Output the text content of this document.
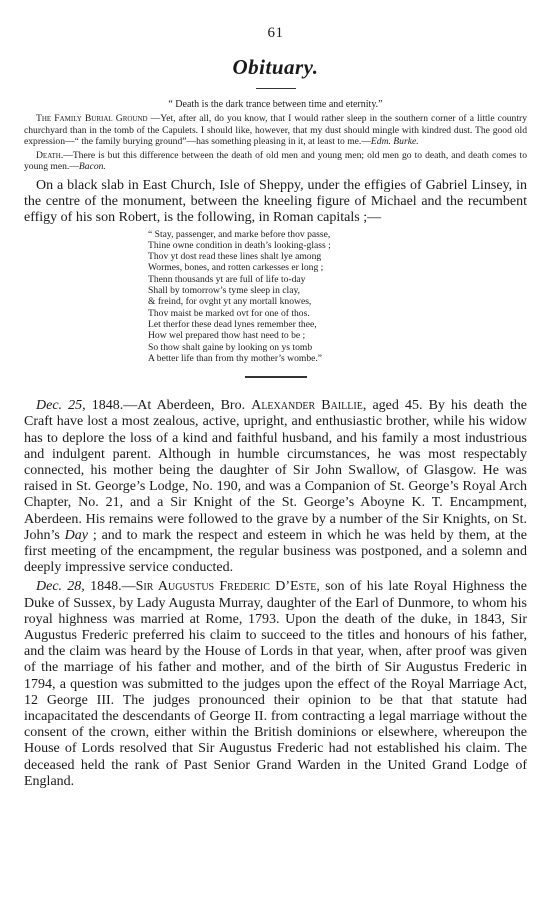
61
Obituary.
“ Death is the dark trance between time and eternity.”

The Family Burial Ground —Yet, after all, do you know, that I would rather sleep in the southern corner of a little country churchyard than in the tomb of the Capulets. I should like, however, that my dust should mingle with kindred dust. The good old expression—“ the family burying ground”—has something pleasing in it, at least to me.—Edm. Burke.

Death.—There is but this difference between the death of old men and young men; old men go to death, and death comes to young men.—Bacon.

On a black slab in East Church, Isle of Sheppy, under the effigies of Gabriel Linsey, in the centre of the monument, between the kneeling figure of Michael and the recumbent effigy of his son Robert, is the following, in Roman capitals ;—

“ Stay, passenger, and marke before thov passe,
Thine owne condition in death’s looking-glass ;
Thov yt dost read these lines shalt lye among
Wormes, bones, and rotten carkesses er long ;
Thenn thousands yt are full of life to-day
Shall by tomorrow’s tyme sleep in clay,
& freind, for ovght yt any mortall knowes,
Thov maist be marked ovt for one of thos.
Let therfor these dead lynes remember thee,
How wel prepared thow hast need to be ;
So thow shalt gaine by looking on ys tomb
A better life than from thy mother’s wombe.”

Dec. 25, 1848.—At Aberdeen, Bro. Alexander Baillie, aged 45. By his death the Craft have lost a most zealous, active, upright, and enthusiastic brother, while his widow has to deplore the loss of a kind and faithful husband, and his family a most industrious and indulgent parent. Although in humble circumstances, he was most respectably connected, his mother being the daughter of Sir John Swallow, of Glasgow. He was raised in St. George’s Lodge, No. 190, and was a Companion of St. George’s Royal Arch Chapter, No. 21, and a Sir Knight of the St. George’s Aboyne K. T. Encampment, Aberdeen. His remains were followed to the grave by a number of the Sir Knights, on St. John’s Day ; and to mark the respect and esteem in which he was held by them, at the first meeting of the encampment, the regular business was postponed, and a solemn and deeply impressive service conducted.

Dec. 28, 1848.—Sir Augustus Frederic D’Este, son of his late Royal Highness the Duke of Sussex, by Lady Augusta Murray, daughter of the Earl of Dunmore, to whom his royal highness was married at Rome, 1793. Upon the death of the duke, in 1843, Sir Augustus Frederic preferred his claim to succeed to the titles and honours of his father, and the claim was heard by the House of Lords in that year, when, after proof was given of the marriage of his father and mother, and of the birth of Sir Augustus Frederic in 1794, a question was submitted to the judges upon the effect of the Royal Marriage Act, 12 George III. The judges pronounced their opinion to be that that statute had incapacitated the descendants of George II. from contracting a legal marriage without the consent of the crown, either within the British dominions or elsewhere, whereupon the House of Lords resolved that Sir Augustus Frederic had not established his claim. The deceased held the rank of Past Senior Grand Warden in the United Grand Lodge of England.
